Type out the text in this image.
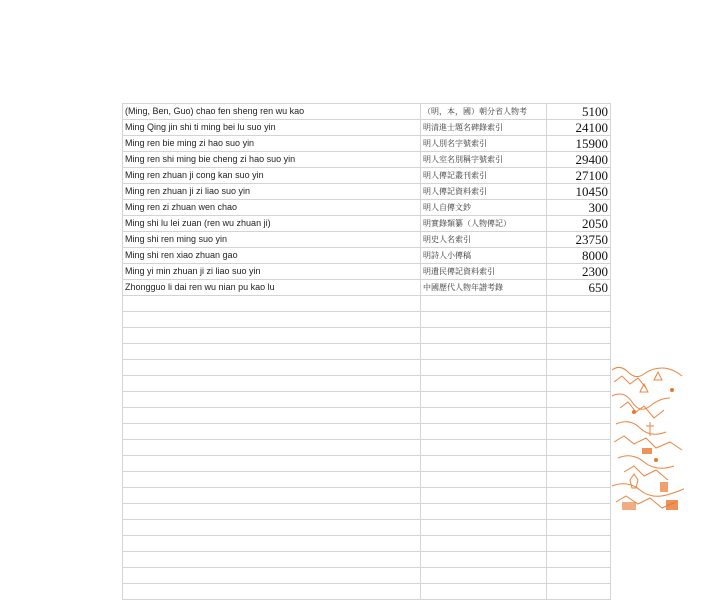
(Ming, Ben, Guo) chao fen sheng ren wu kao	（明，本，國）朝分省人物考	5100
Ming Qing jin shi ti ming bei lu suo yin	明清進士題名碑錄索引	24100
Ming ren bie ming zi hao suo yin	明人別名字號索引	15900
Ming ren shi ming bie cheng zi hao suo yin	明人室名別稱字號索引	29400
Ming ren zhuan ji cong kan suo yin	明人傳記叢刊索引	27100
Ming ren zhuan ji zi liao suo yin	明人傳記資料索引	10450
Ming ren zi zhuan wen chao	明人自傳文鈔	300
Ming shi lu lei zuan (ren wu zhuan ji)	明實錄類纂（人物傳記）	2050
Ming shi ren ming suo yin	明史人名索引	23750
Ming shi ren xiao zhuan gao	明詩人小傳稿	8000
Ming yi min zhuan ji zi liao suo yin	明遺民傳記資料索引	2300
Zhongguo li dai ren wu nian pu kao lu	中國歷代人物年譜考錄	650
